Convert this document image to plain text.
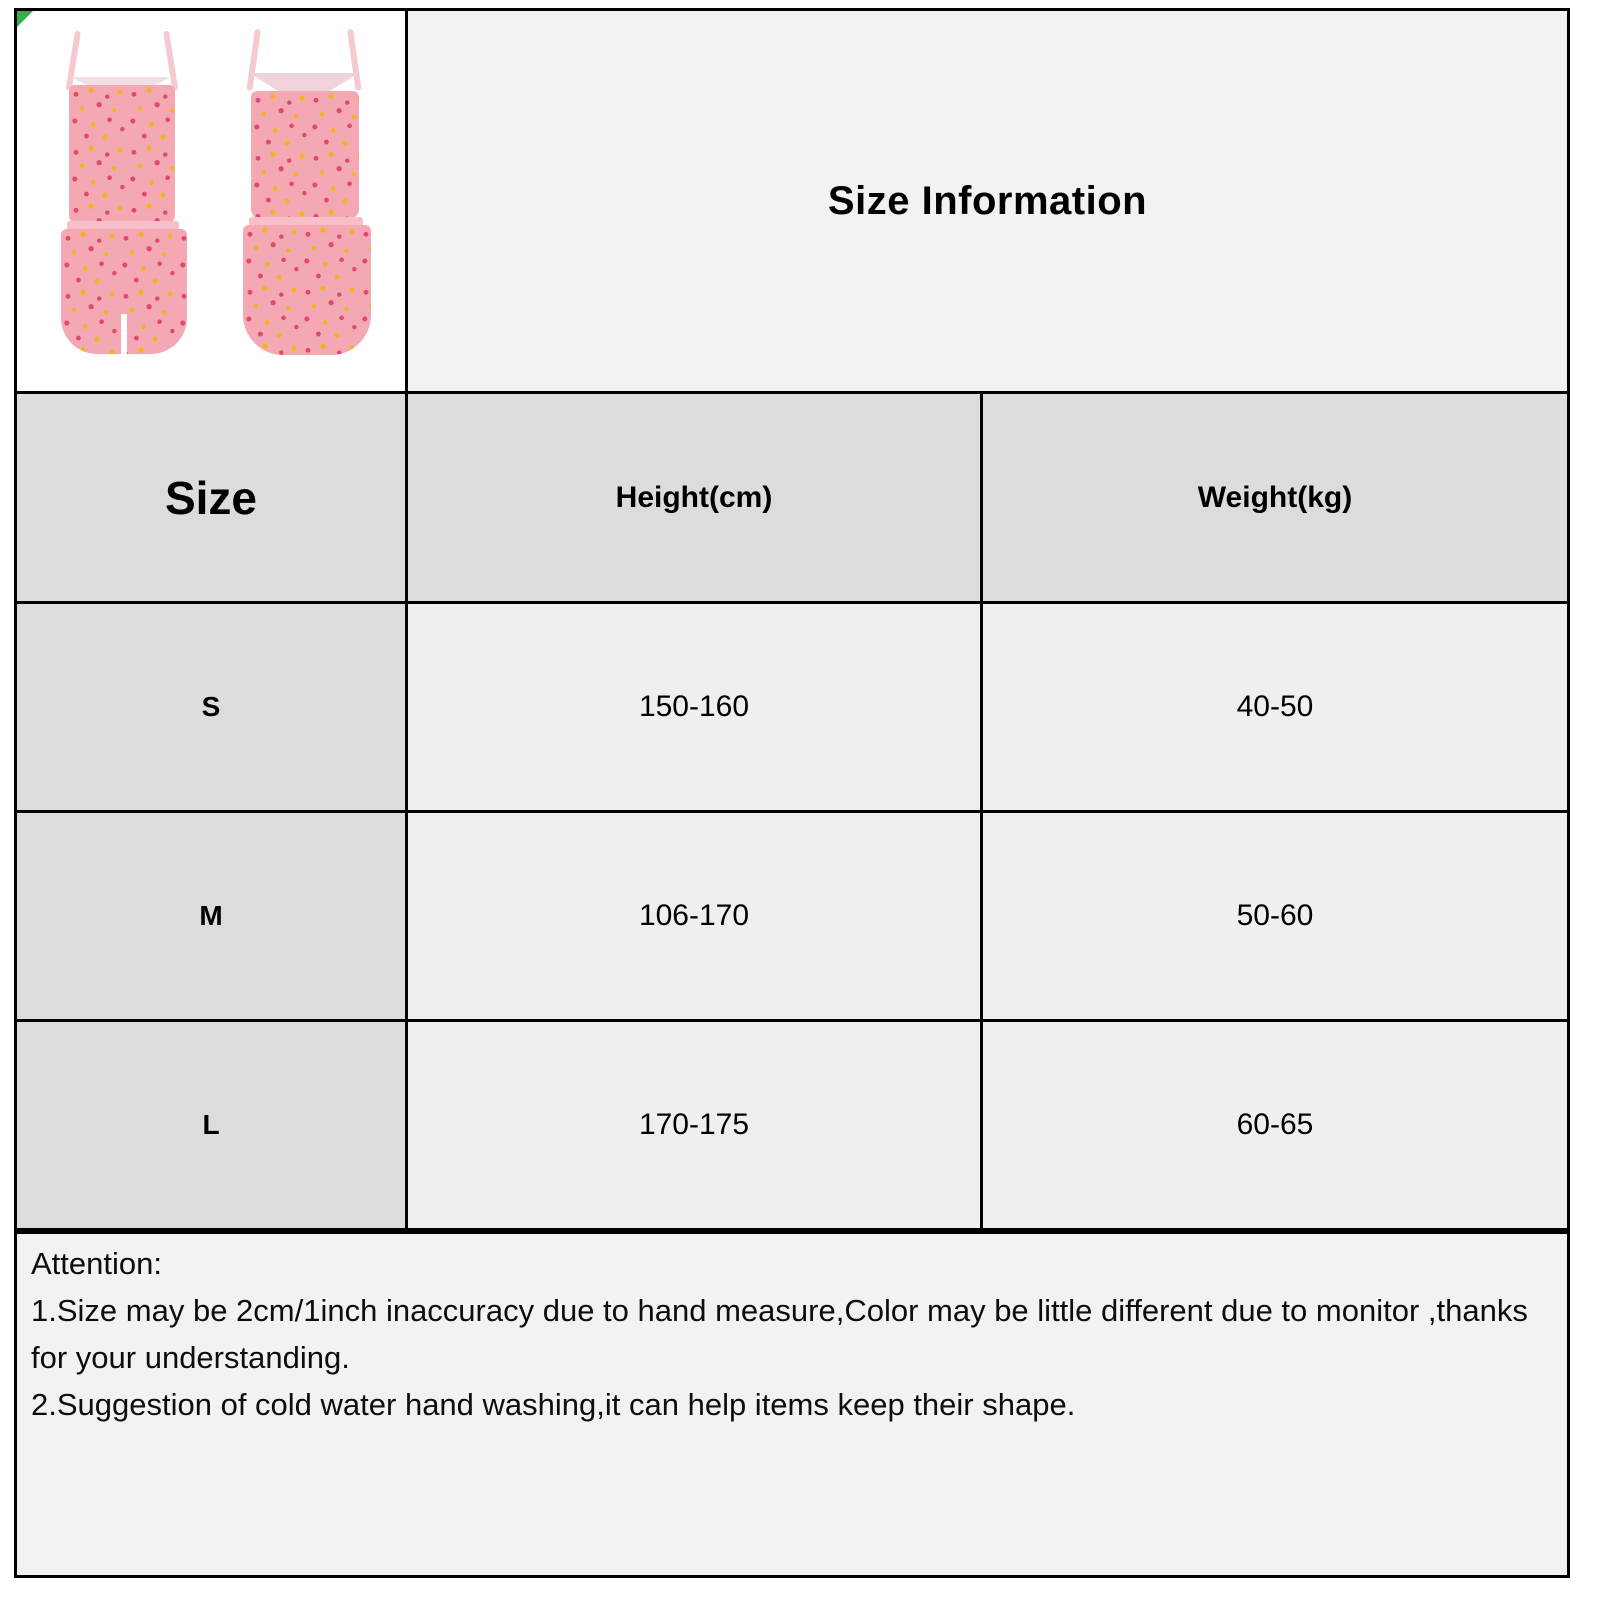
Size Information
Size	Height(cm)	Weight(kg)
S	150-160	40-50
M	106-170	50-60
L	170-175	60-65
Attention:
1.Size may be 2cm/1inch inaccuracy due to hand measure,Color may be little different due to monitor ,thanks for your understanding.
2.Suggestion of cold water hand washing,it can help items keep their shape.
